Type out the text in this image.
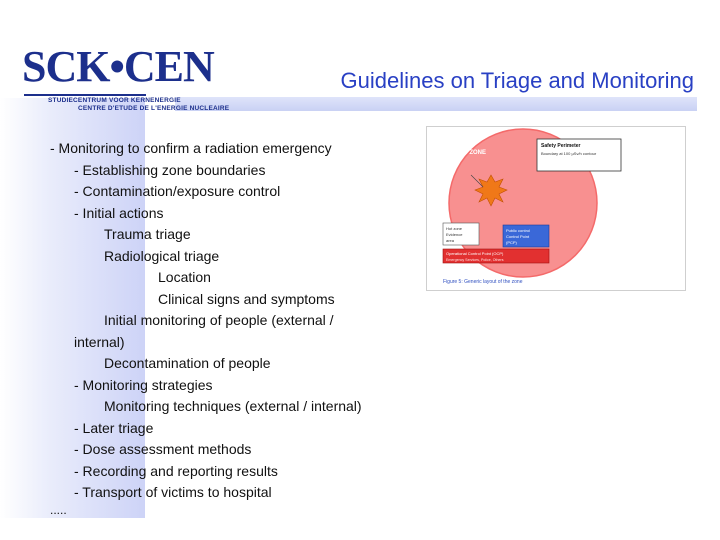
SCK•CEN
STUDIECENTRUM VOOR KERNENERGIE
CENTRE D'ETUDE DE L'ENERGIE NUCLEAIRE
Guidelines on Triage and Monitoring
- Monitoring to confirm a radiation emergency
- Establishing zone boundaries
- Contamination/exposure control
- Initial actions
Trauma triage
Radiological triage
Location
Clinical signs and symptoms
Initial monitoring of people (external /
internal)
Decontamination of people
- Monitoring strategies
Monitoring techniques (external / internal)
- Later triage
- Dose assessment methods
- Recording and reporting results
- Transport of victims to hospital
.....
RED ZONE
Safety Perimeter
Boundary at 100 µSv/h contour
Hot zone
Evidence
area
Public control
Control Point
(PCP)
Operational Control Point (OCP)
Emergency Services, Police, Others
Figure 5: Generic layout of the zone
